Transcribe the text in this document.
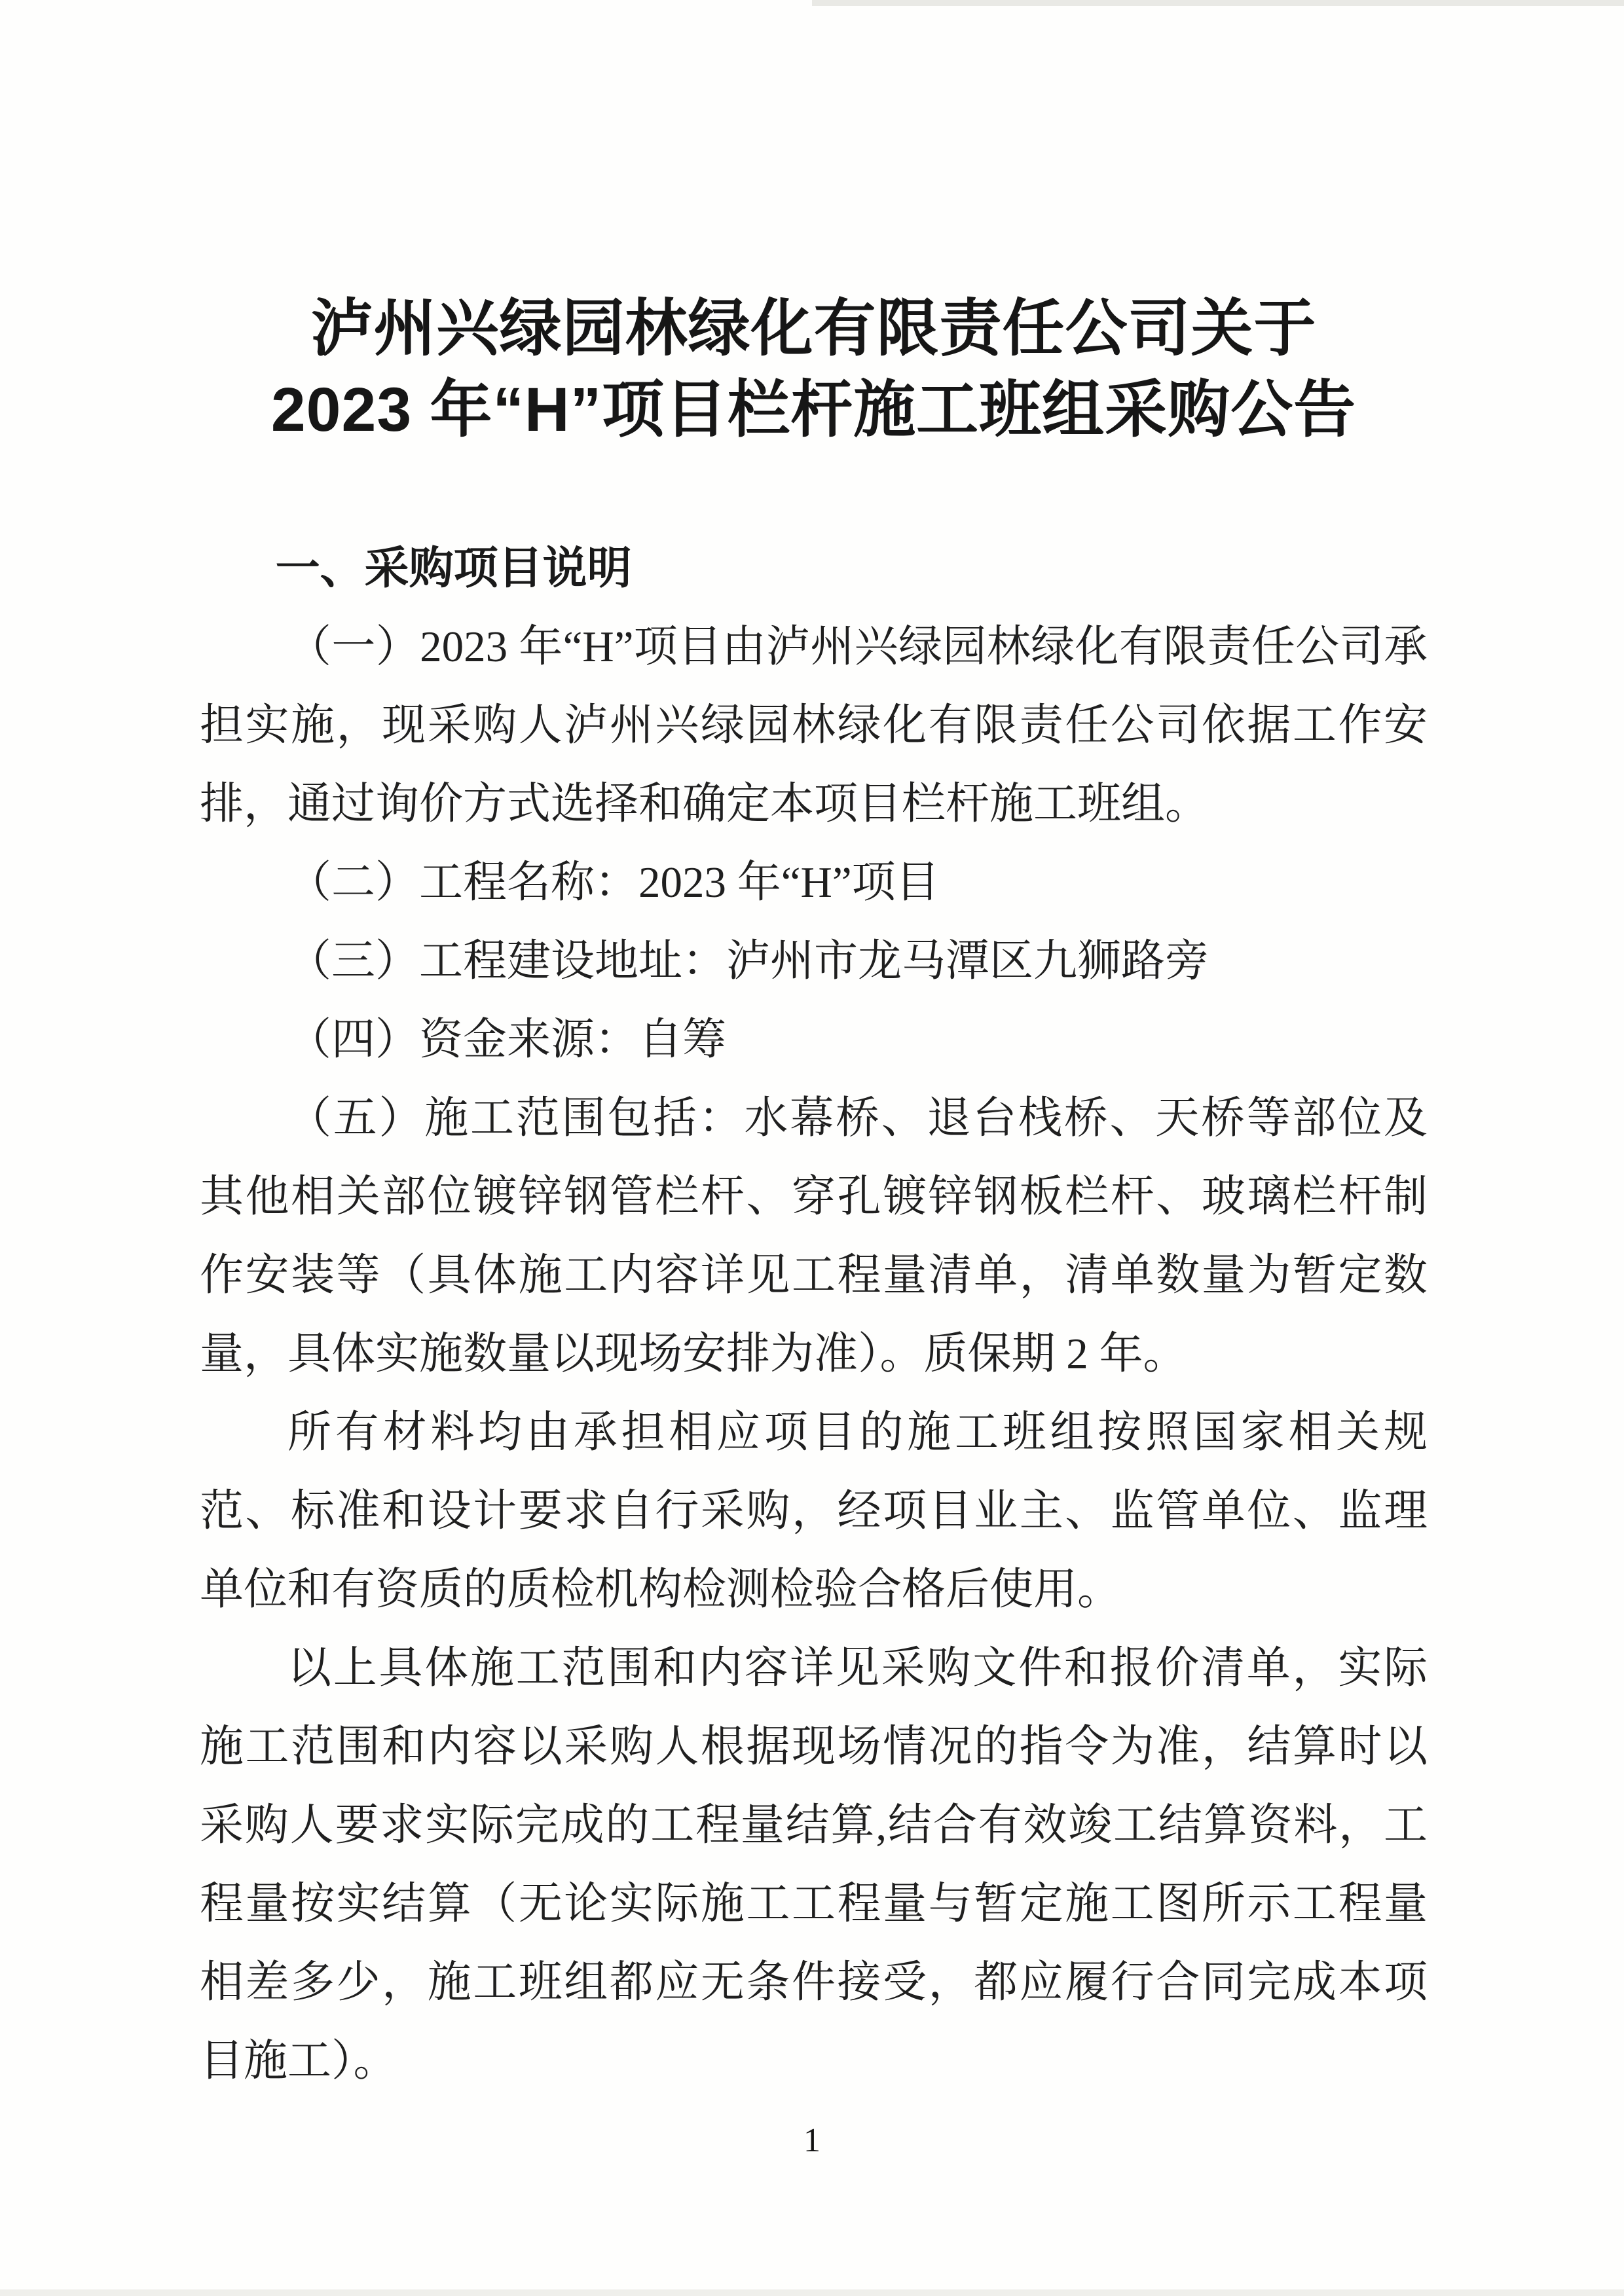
泸州兴绿园林绿化有限责任公司关于
2023 年“H”项目栏杆施工班组采购公告
一、采购项目说明

（一）2023 年“H”项目由泸州兴绿园林绿化有限责任公司承担实施，现采购人泸州兴绿园林绿化有限责任公司依据工作安排，通过询价方式选择和确定本项目栏杆施工班组。

（二）工程名称：2023 年“H”项目

（三）工程建设地址：泸州市龙马潭区九狮路旁

（四）资金来源：自筹

（五）施工范围包括：水幕桥、退台栈桥、天桥等部位及其他相关部位镀锌钢管栏杆、穿孔镀锌钢板栏杆、玻璃栏杆制作安装等（具体施工内容详见工程量清单，清单数量为暂定数量，具体实施数量以现场安排为准）。质保期 2 年。

所有材料均由承担相应项目的施工班组按照国家相关规范、标准和设计要求自行采购，经项目业主、监管单位、监理单位和有资质的质检机构检测检验合格后使用。

以上具体施工范围和内容详见采购文件和报价清单，实际施工范围和内容以采购人根据现场情况的指令为准，结算时以采购人要求实际完成的工程量结算,结合有效竣工结算资料，工程量按实结算（无论实际施工工程量与暂定施工图所示工程量相差多少，施工班组都应无条件接受，都应履行合同完成本项目施工）。

1
